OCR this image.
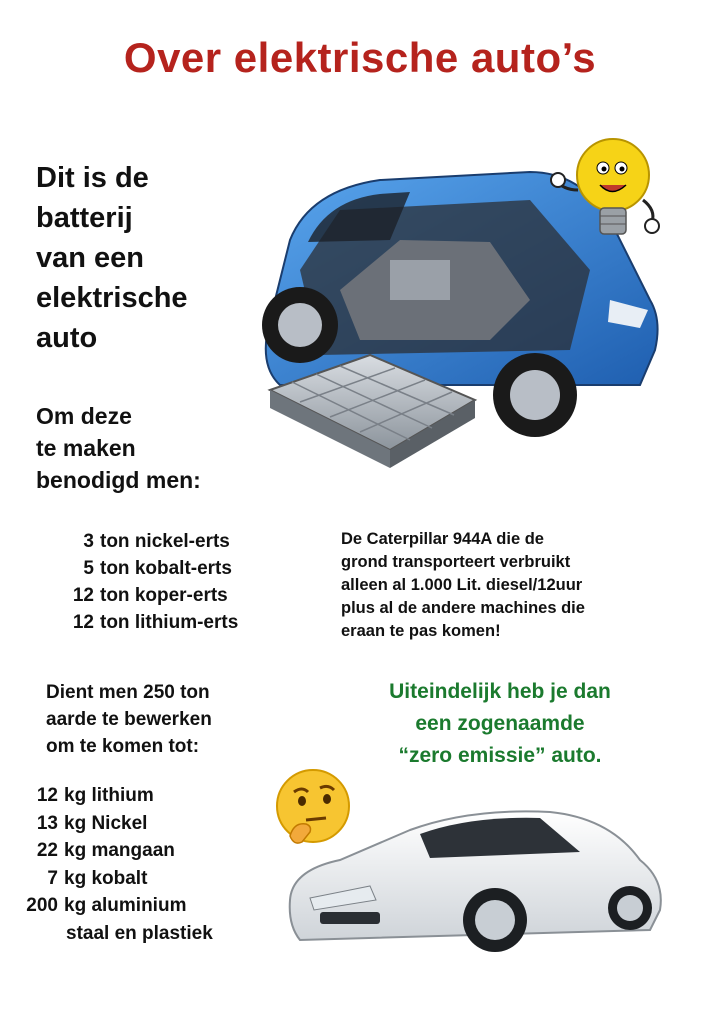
Over elektrische auto’s
Dit is de
batterij
van een
elektrische
auto
Om deze
te maken
benodigd men:
3 ton nickel-erts
5 ton kobalt-erts
12 ton koper-erts
12 ton lithium-erts
De Caterpillar 944A die de
grond transporteert verbruikt
alleen al 1.000 Lit. diesel/12uur
plus al de andere machines die
eraan te pas komen!
Dient men 250 ton
aarde te bewerken
om te komen tot:
Uiteindelijk heb je dan
een zogenaamde
“zero emissie” auto.
12 kg lithium
13 kg Nickel
22 kg mangaan
7 kg kobalt
200 kg aluminium
staal en plastiek
